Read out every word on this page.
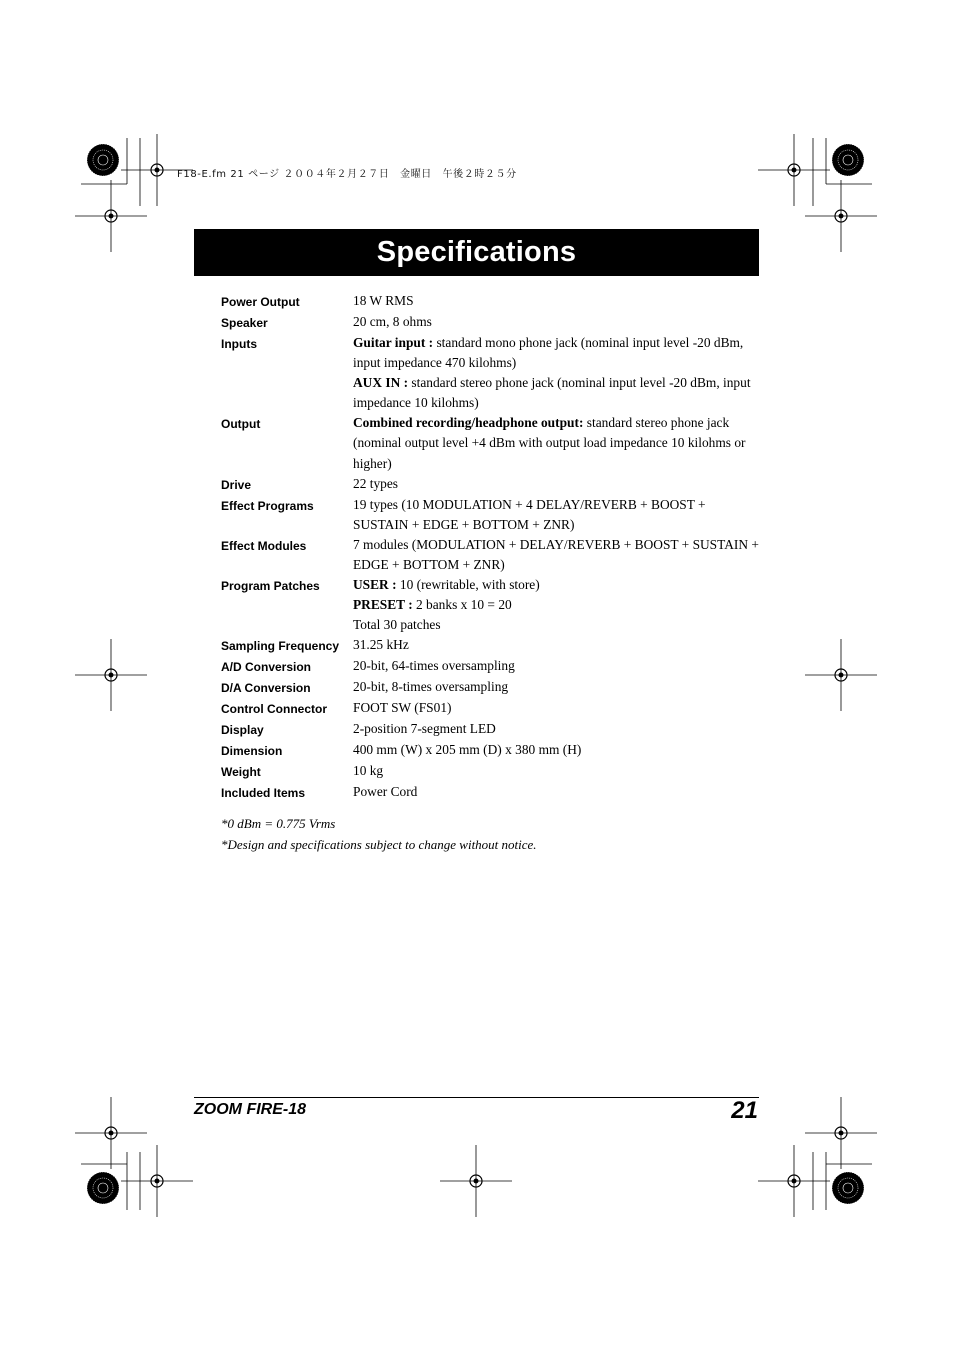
F18-E.fm 21 ページ ２００４年２月２７日　金曜日　午後２時２５分
Specifications
Power Output	18 W RMS

Speaker	20 cm, 8 ohms

Inputs	Guitar input : standard mono phone jack (nominal input level -20 dBm, input impedance 470 kilohms)

AUX IN : standard stereo phone jack (nominal input level -20 dBm, input impedance 10 kilohms)

Output	Combined recording/headphone output: standard stereo phone jack (nominal output level +4 dBm with output load impedance 10 kilohms or higher)

Drive	22 types

Effect Programs	19 types (10 MODULATION + 4 DELAY/REVERB + BOOST + SUSTAIN + EDGE + BOTTOM + ZNR)

Effect Modules	7 modules (MODULATION + DELAY/REVERB + BOOST + SUSTAIN + EDGE + BOTTOM + ZNR)

Program Patches	USER : 10 (rewritable, with store)

PRESET : 2 banks x 10 = 20

Total 30 patches

Sampling Frequency	31.25 kHz

A/D Conversion	20-bit, 64-times oversampling

D/A Conversion	20-bit, 8-times oversampling

Control Connector	FOOT SW (FS01)

Display	2-position 7-segment LED

Dimension	400 mm (W) x 205 mm (D) x 380 mm (H)

Weight	10 kg

Included Items	Power Cord

*0 dBm = 0.775 Vrms

*Design and specifications subject to change without notice.

ZOOM FIRE-18	21
